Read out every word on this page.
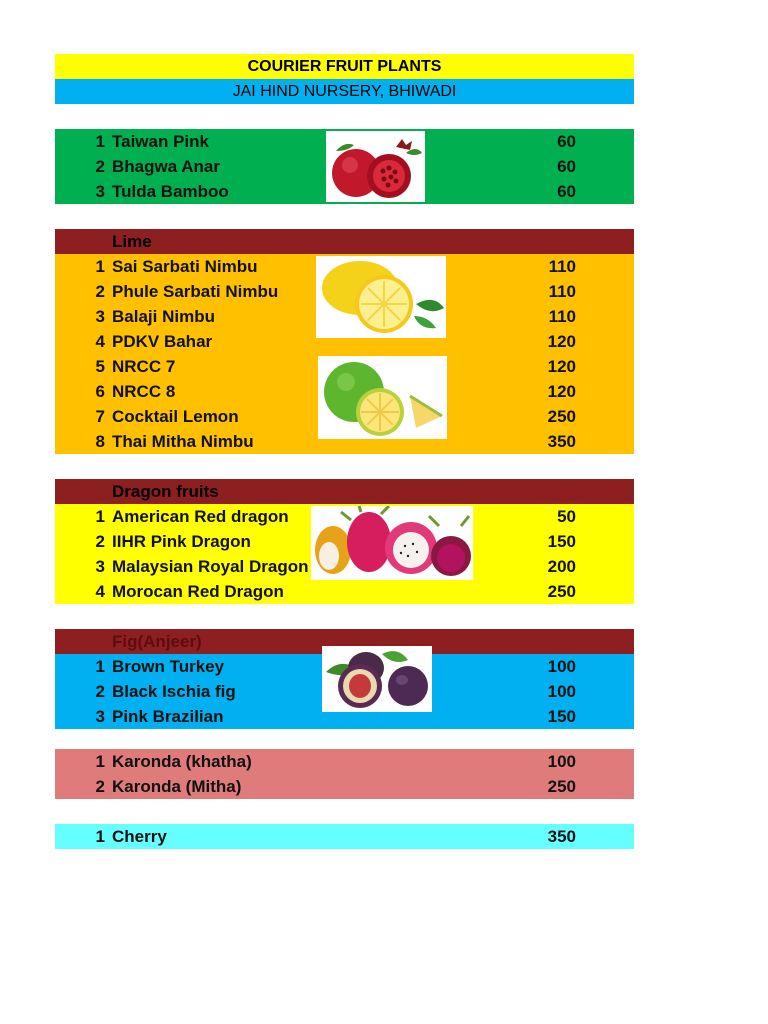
COURIER FRUIT PLANTS
JAI HIND NURSERY, BHIWADI
1 Taiwan Pink	60
2 Bhagwa Anar	60
3 Tulda Bamboo	60
Lime
1 Sai Sarbati Nimbu	110
2 Phule Sarbati Nimbu	110
3 Balaji Nimbu	110
4 PDKV Bahar	120
5 NRCC 7	120
6 NRCC 8	120
7 Cocktail Lemon	250
8 Thai Mitha Nimbu	350
Dragon fruits
1 American Red dragon	50
2 IIHR Pink Dragon	150
3 Malaysian Royal Dragon	200
4 Morocan Red Dragon	250
Fig(Anjeer)
1 Brown Turkey	100
2 Black Ischia fig	100
3 Pink Brazilian	150
1 Karonda (khatha)	100
2 Karonda (Mitha)	250
1 Cherry	350
